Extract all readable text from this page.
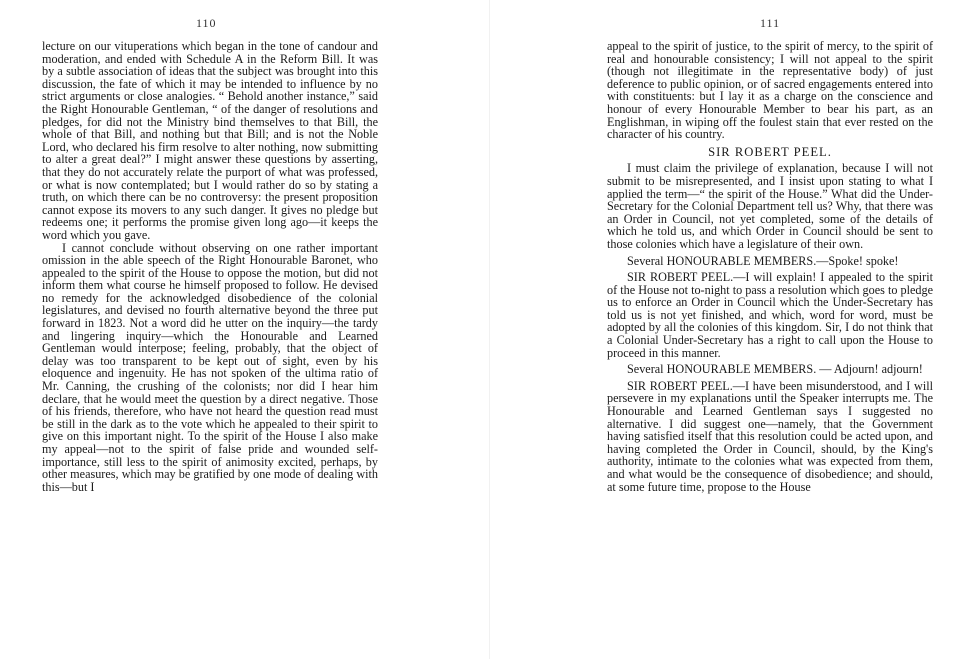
110

lecture on our vituperations which began in the tone of candour and moderation, and ended with Schedule A in the Reform Bill. It was by a subtle association of ideas that the subject was brought into this discussion, the fate of which it may be intended to influence by no strict arguments or close analogies. “ Behold another instance,” said the Right Honourable Gentleman, “ of the danger of resolutions and pledges, for did not the Ministry bind themselves to that Bill, the whole of that Bill, and nothing but that Bill; and is not the Noble Lord, who declared his firm resolve to alter nothing, now submitting to alter a great deal?” I might answer these questions by asserting, that they do not accurately relate the purport of what was professed, or what is now contemplated; but I would rather do so by stating a truth, on which there can be no controversy: the present proposition cannot expose its movers to any such danger. It gives no pledge but redeems one; it performs the promise given long ago—it keeps the word which you gave.

I cannot conclude without observing on one rather important omission in the able speech of the Right Honourable Baronet, who appealed to the spirit of the House to oppose the motion, but did not inform them what course he himself proposed to follow. He devised no remedy for the acknowledged disobedience of the colonial legislatures, and devised no fourth alternative beyond the three put forward in 1823. Not a word did he utter on the inquiry—the tardy and lingering inquiry—which the Honourable and Learned Gentleman would interpose; feeling, probably, that the object of delay was too transparent to be kept out of sight, even by his eloquence and ingenuity. He has not spoken of the ultima ratio of Mr. Canning, the crushing of the colonists; nor did I hear him declare, that he would meet the question by a direct negative. Those of his friends, therefore, who have not heard the question read must be still in the dark as to the vote which he appealed to their spirit to give on this important night. To the spirit of the House I also make my appeal—not to the spirit of false pride and wounded self-importance, still less to the spirit of animosity excited, perhaps, by other measures, which may be gratified by one mode of dealing with this—but I

111

appeal to the spirit of justice, to the spirit of mercy, to the spirit of real and honourable consistency; I will not appeal to the spirit (though not illegitimate in the representative body) of just deference to public opinion, or of sacred engagements entered into with constituents: but I lay it as a charge on the conscience and honour of every Honourable Member to bear his part, as an Englishman, in wiping off the foulest stain that ever rested on the character of his country.

SIR ROBERT PEEL.

I must claim the privilege of explanation, because I will not submit to be misrepresented, and I insist upon stating to what I applied the term—“ the spirit of the House.” What did the Under-Secretary for the Colonial Department tell us? Why, that there was an Order in Council, not yet completed, some of the details of which he told us, and which Order in Council should be sent to those colonies which have a legislature of their own.

Several HONOURABLE MEMBERS.—Spoke! spoke!

SIR ROBERT PEEL.—I will explain! I appealed to the spirit of the House not to-night to pass a resolution which goes to pledge us to enforce an Order in Council which the Under-Secretary has told us is not yet finished, and which, word for word, must be adopted by all the colonies of this kingdom. Sir, I do not think that a Colonial Under-Secretary has a right to call upon the House to proceed in this manner.

Several HONOURABLE MEMBERS. — Adjourn! adjourn!

SIR ROBERT PEEL.—I have been misunderstood, and I will persevere in my explanations until the Speaker interrupts me. The Honourable and Learned Gentleman says I suggested no alternative. I did suggest one—namely, that the Government having satisfied itself that this resolution could be acted upon, and having completed the Order in Council, should, by the King's authority, intimate to the colonies what was expected from them, and what would be the consequence of disobedience; and should, at some future time, propose to the House
